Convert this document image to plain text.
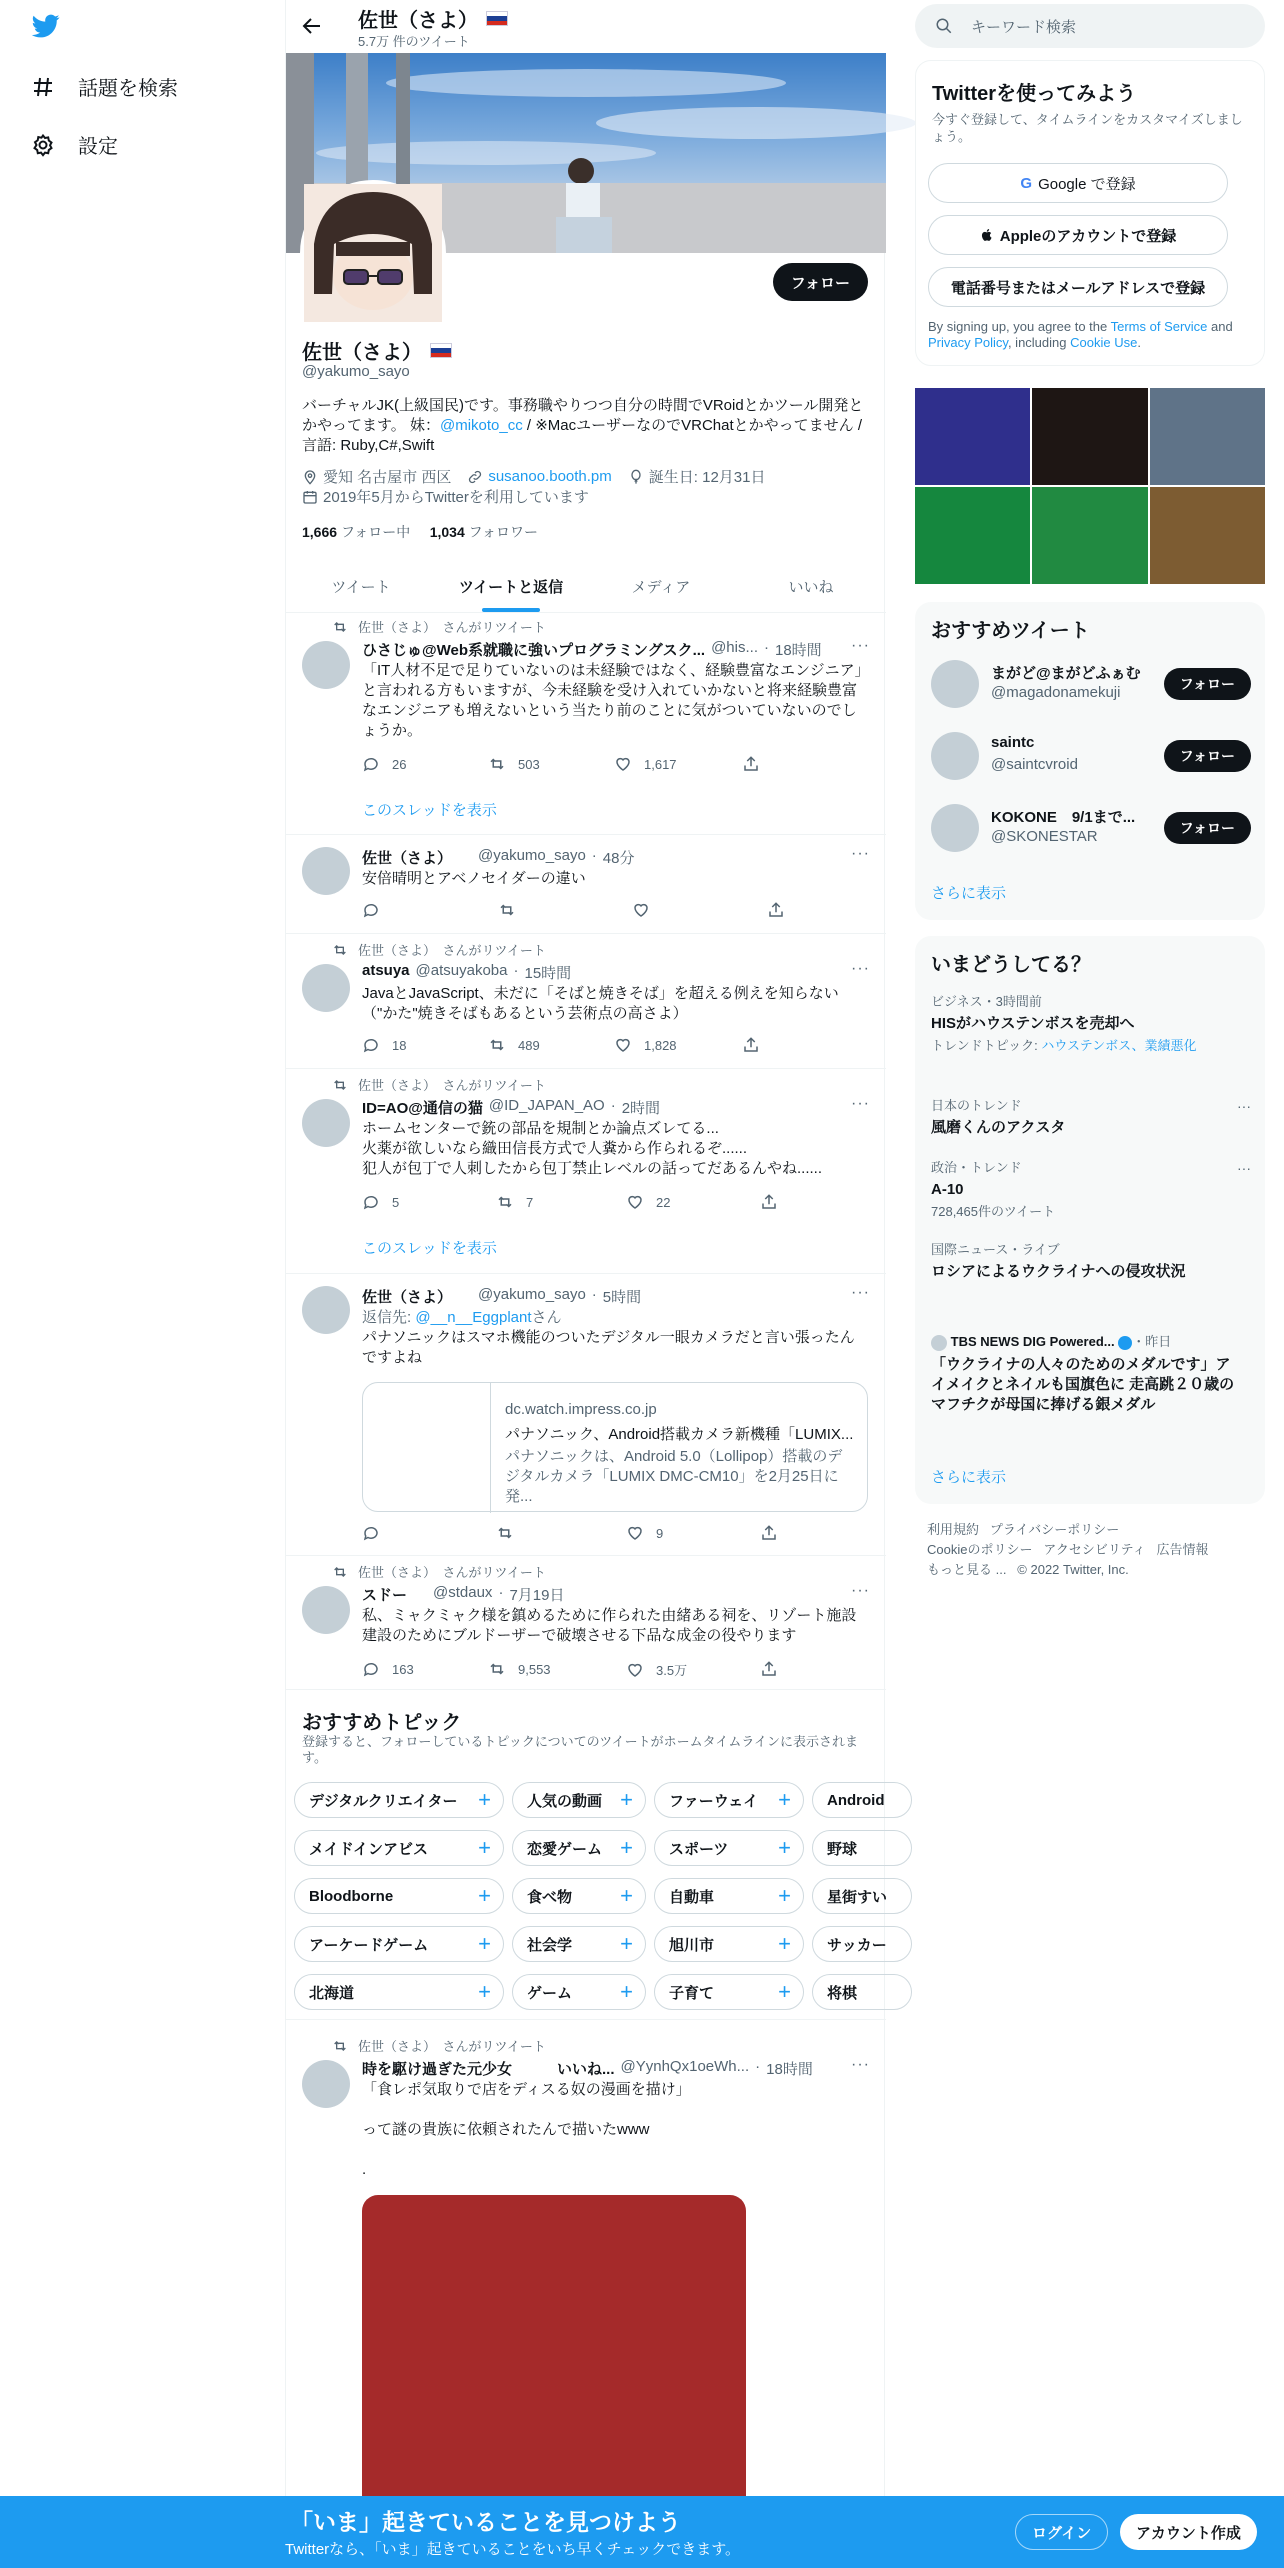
話題を検索
設定
佐世（さよ）
5.7万 件のツイート
フォロー
佐世（さよ）
@yakumo_sayo
バーチャルJK(上級国民)です。事務職やりつつ自分の時間でVRoidとかツール開発と
かやってます。 妹：@mikoto_cc / ※MacユーザーなのでVRChatとかやってません /
言語: Ruby,C#,Swift
愛知 名古屋市 西区 susanoo.booth.pm 誕生日: 12月31日
2019年5月からTwitterを利用しています
1,666 フォロー中 1,034 フォロワー
ツイート	ツイートと返信	メディア	いいね
佐世（さよ）　さんがリツイート
ひさじゅ@Web系就職に強いプログラミングスク... @his... · 18時間 ···
「IT人材不足で足りていないのは未経験ではなく、経験豊富なエンジニア」と言われる方もいますが、今未経験を受け入れていかないと将来経験豊富なエンジニアも増えないという当たり前のことに気がついていないのでしょうか。
26	503	1,617
このスレッドを表示
佐世（さよ） @yakumo_sayo · 48分	···
安倍晴明とアベノセイダーの違い
佐世（さよ）　さんがリツイート
atsuya @atsuyakoba · 15時間	···
JavaとJavaScript、未だに「そばと焼きそば」を超える例えを知らない（"かた"焼きそばもあるという芸術点の高さよ）
18	489	1,828
佐世（さよ）　さんがリツイート
ID=AO@通信の猫 @ID_JAPAN_AO · 2時間	···
ホームセンターで銃の部品を規制とか論点ズレてる...
火薬が欲しいなら織田信長方式で人糞から作られるぞ......
犯人が包丁で人刺したから包丁禁止レベルの話ってだあるんやね......
5	7	22
このスレッドを表示
佐世（さよ） @yakumo_sayo · 5時間	···
返信先: @__n__Eggplantさん
パナソニックはスマホ機能のついたデジタル一眼カメラだと言い張ったんですよね
dc.watch.impress.co.jp
パナソニック、Android搭載カメラ新機種「LUMIX...
パナソニックは、Android 5.0（Lollipop）搭載のデジタルカメラ「LUMIX DMC-CM10」を2月25日に発...
9
佐世（さよ）　さんがリツイート
スドー @stdaux · 7月19日	···
私、ミャクミャク様を鎮めるために作られた由緒ある祠を、リゾート施設建設のためにブルドーザーで破壊させる下品な成金の役やります
163	9,553	3.5万
おすすめトピック
登録すると、フォローしているトピックについてのツイートがホームタイムラインに表示されます。
デジタルクリエイター + 人気の動画 + ファーウェイ + Android
メイドインアビス + 恋愛ゲーム + スポーツ + 野球
Bloodborne	+ 食べ物 + 自動車	+ 星街すい
アーケードゲーム + 社会学 + 旭川市	+ サッカー
北海道	+ ゲーム + 子育て	+ 将棋
佐世（さよ）　さんがリツイート
時を駆け過ぎた元少女　　　いいね... @YynhQx1oeWh... · 18時間 ···
「食レポ気取りで店をディスる奴の漫画を描け」
って謎の貴族に依頼されたんで描いたwww
.
キーワード検索
Twitterを使ってみよう
今すぐ登録して、タイムラインをカスタマイズしましょう。
G Google で登録
Appleのアカウントで登録
電話番号またはメールアドレスで登録
By signing up, you agree to the Terms of Service and Privacy Policy, including Cookie Use.
おすすめツイート
まがど@まがどふぁむ
@magadonamekuji	フォロー
saintc
@saintcvroid	フォロー
KOKONE　9/1まで...
@SKONESTAR	フォロー
さらに表示
いまどうしてる？
ビジネス・3時間前
HISがハウステンボスを売却へ
トレンドトピック: ハウステンボス、業績悪化
日本のトレンド
風磨くんのアクスタ
···
政治・トレンド
A-10
728,465件のツイート
···
国際ニュース・ライブ
ロシアによるウクライナへの侵攻状況
TBS NEWS DIG Powered... ・昨日
「ウクライナの人々のためのメダルです」アイメイクとネイルも国旗色に 走高跳２０歳のマフチクが母国に捧げる銀メダル
さらに表示
利用規約 プライバシーポリシー
Cookieのポリシー アクセシビリティ 広告情報
もっと見る ... © 2022 Twitter, Inc.
「いま」起きていることを見つけよう
Twitterなら、「いま」起きていることをいち早くチェックできます。
ログイン	アカウント作成
